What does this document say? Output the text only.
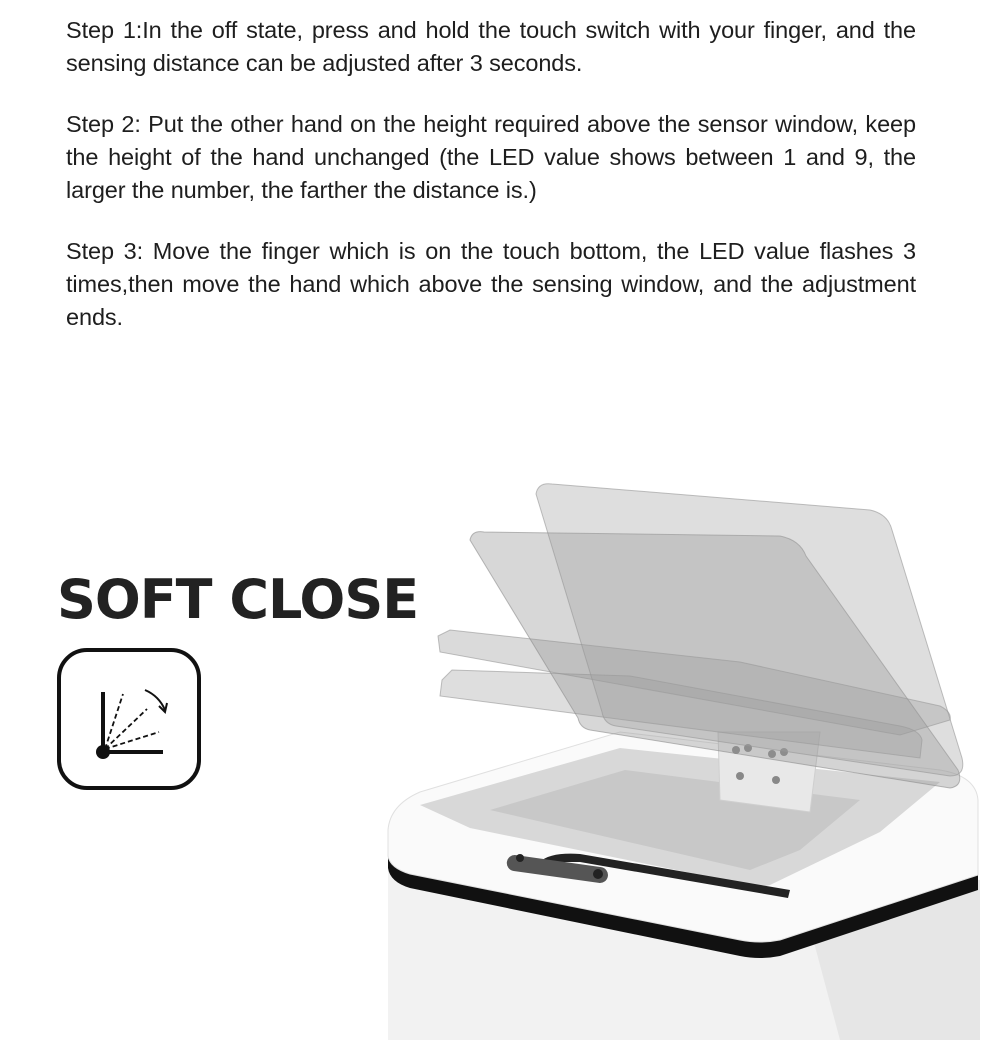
Step 1:In the off state, press and hold the touch switch with your finger, and the sensing distance can be adjusted after 3 seconds.

Step 2: Put the other hand on the height required above the sensor window, keep the height of the hand unchanged (the LED value shows between 1 and 9, the larger the number, the farther the distance is.)

Step 3: Move the finger which is on the touch bottom, the LED value flashes 3 times,then move the hand which above the sensing window, and the adjustment ends.

SOFT CLOSE
